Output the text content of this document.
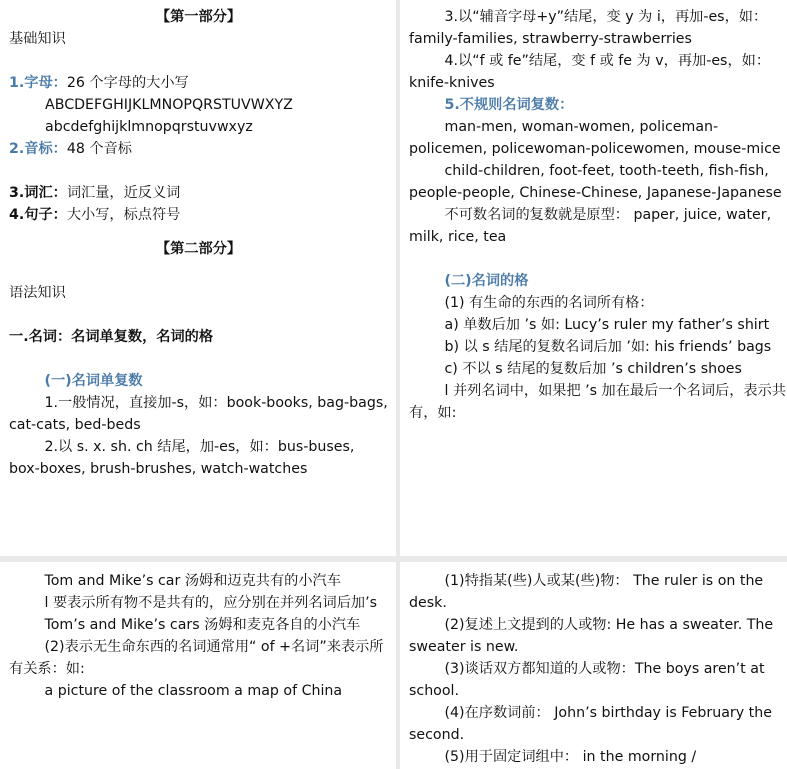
【第一部分】

基础知识

1.字母：26 个字母的大小写

ABCDEFGHIJKLMNOPQRSTUVWXYZ

abcdefghijklmnopqrstuvwxyz

2.音标：48 个音标

3.词汇：词汇量，近反义词

4.句子：大小写，标点符号

【第二部分】

语法知识

一.名词：名词单复数，名词的格

(一)名词单复数

1.一般情况，直接加-s，如：book-books, bag-bags, cat-cats, bed-beds

2.以 s. x. sh. ch 结尾，加-es，如：bus-buses, box-boxes, brush-brushes, watch-watches

3.以“辅音字母+y”结尾，变 y 为 i，再加-es，如：family-families, strawberry-strawberries

4.以“f 或 fe”结尾，变 f 或 fe 为 v，再加-es，如：knife-knives

5.不规则名词复数：

man-men, woman-women, policeman-policemen, policewoman-policewomen, mouse-mice

child-children, foot-feet, tooth-teeth, fish-fish, people-people, Chinese-Chinese, Japanese-Japanese

不可数名词的复数就是原型： paper, juice, water, milk, rice, tea

(二)名词的格

(1) 有生命的东西的名词所有格：

a) 单数后加 ’s 如: Lucy’s ruler my father’s shirt

b) 以 s 结尾的复数名词后加 ’如: his friends’ bags

c) 不以 s 结尾的复数后加 ’s children’s shoes

l 并列名词中，如果把 ’s 加在最后一个名词后，表示共有，如:

Tom and Mike’s car 汤姆和迈克共有的小汽车

l 要表示所有物不是共有的，应分别在并列名词后加’s

Tom’s and Mike’s cars 汤姆和麦克各自的小汽车

(2)表示无生命东西的名词通常用“ of +名词”来表示所有关系：如:

a picture of the classroom a map of China

(1)特指某(些)人或某(些)物： The ruler is on the desk.

(2)复述上文提到的人或物: He has a sweater. The sweater is new.

(3)谈话双方都知道的人或物：The boys aren’t at school.

(4)在序数词前： John’s birthday is February the second.

(5)用于固定词组中： in the morning /
